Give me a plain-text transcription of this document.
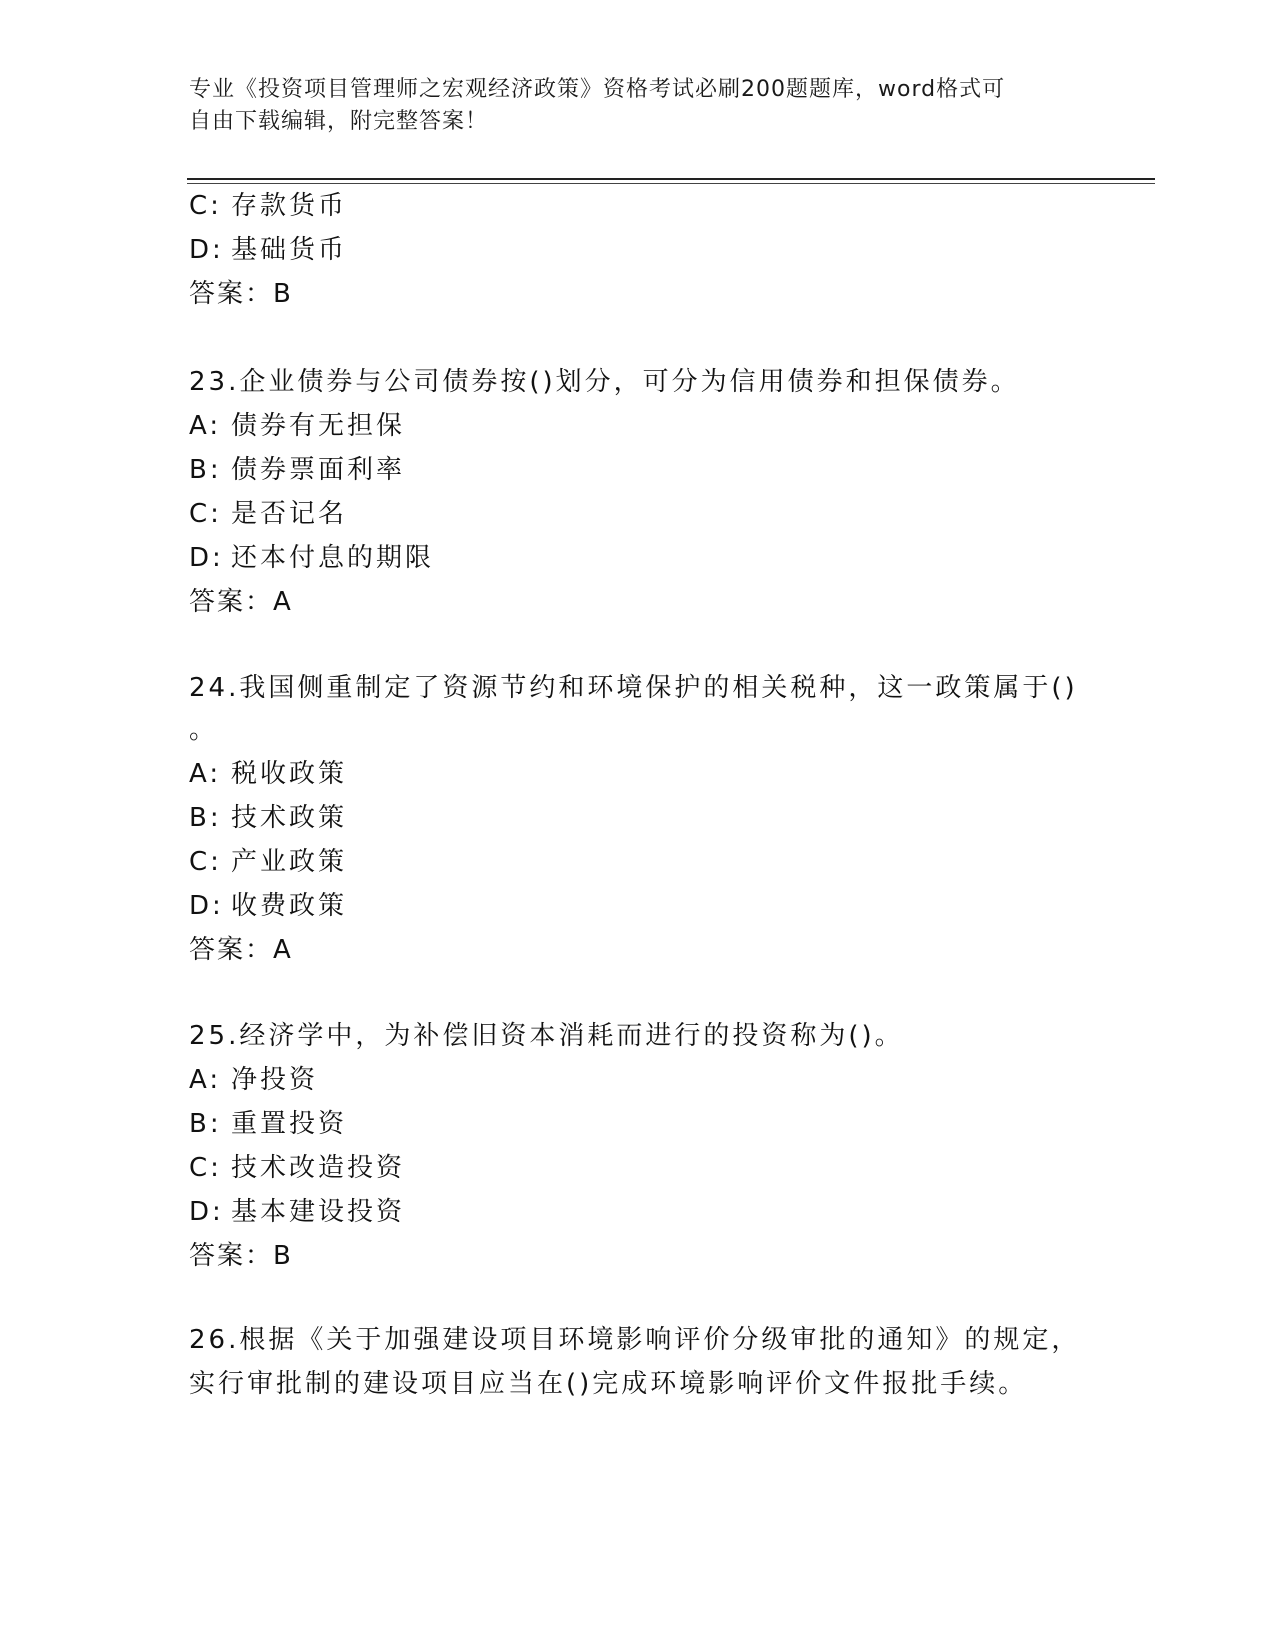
专业《投资项目管理师之宏观经济政策》资格考试必刷200题题库，word格式可
自由下载编辑，附完整答案！
C: 存款货币
D: 基础货币
答案：B
23.企业债券与公司债券按()划分，可分为信用债券和担保债券。
A: 债券有无担保
B: 债券票面利率
C: 是否记名
D: 还本付息的期限
答案：A
24.我国侧重制定了资源节约和环境保护的相关税种，这一政策属于()
。
A: 税收政策
B: 技术政策
C: 产业政策
D: 收费政策
答案：A
25.经济学中，为补偿旧资本消耗而进行的投资称为()。
A: 净投资
B: 重置投资
C: 技术改造投资
D: 基本建设投资
答案：B
26.根据《关于加强建设项目环境影响评价分级审批的通知》的规定，
实行审批制的建设项目应当在()完成环境影响评价文件报批手续。
